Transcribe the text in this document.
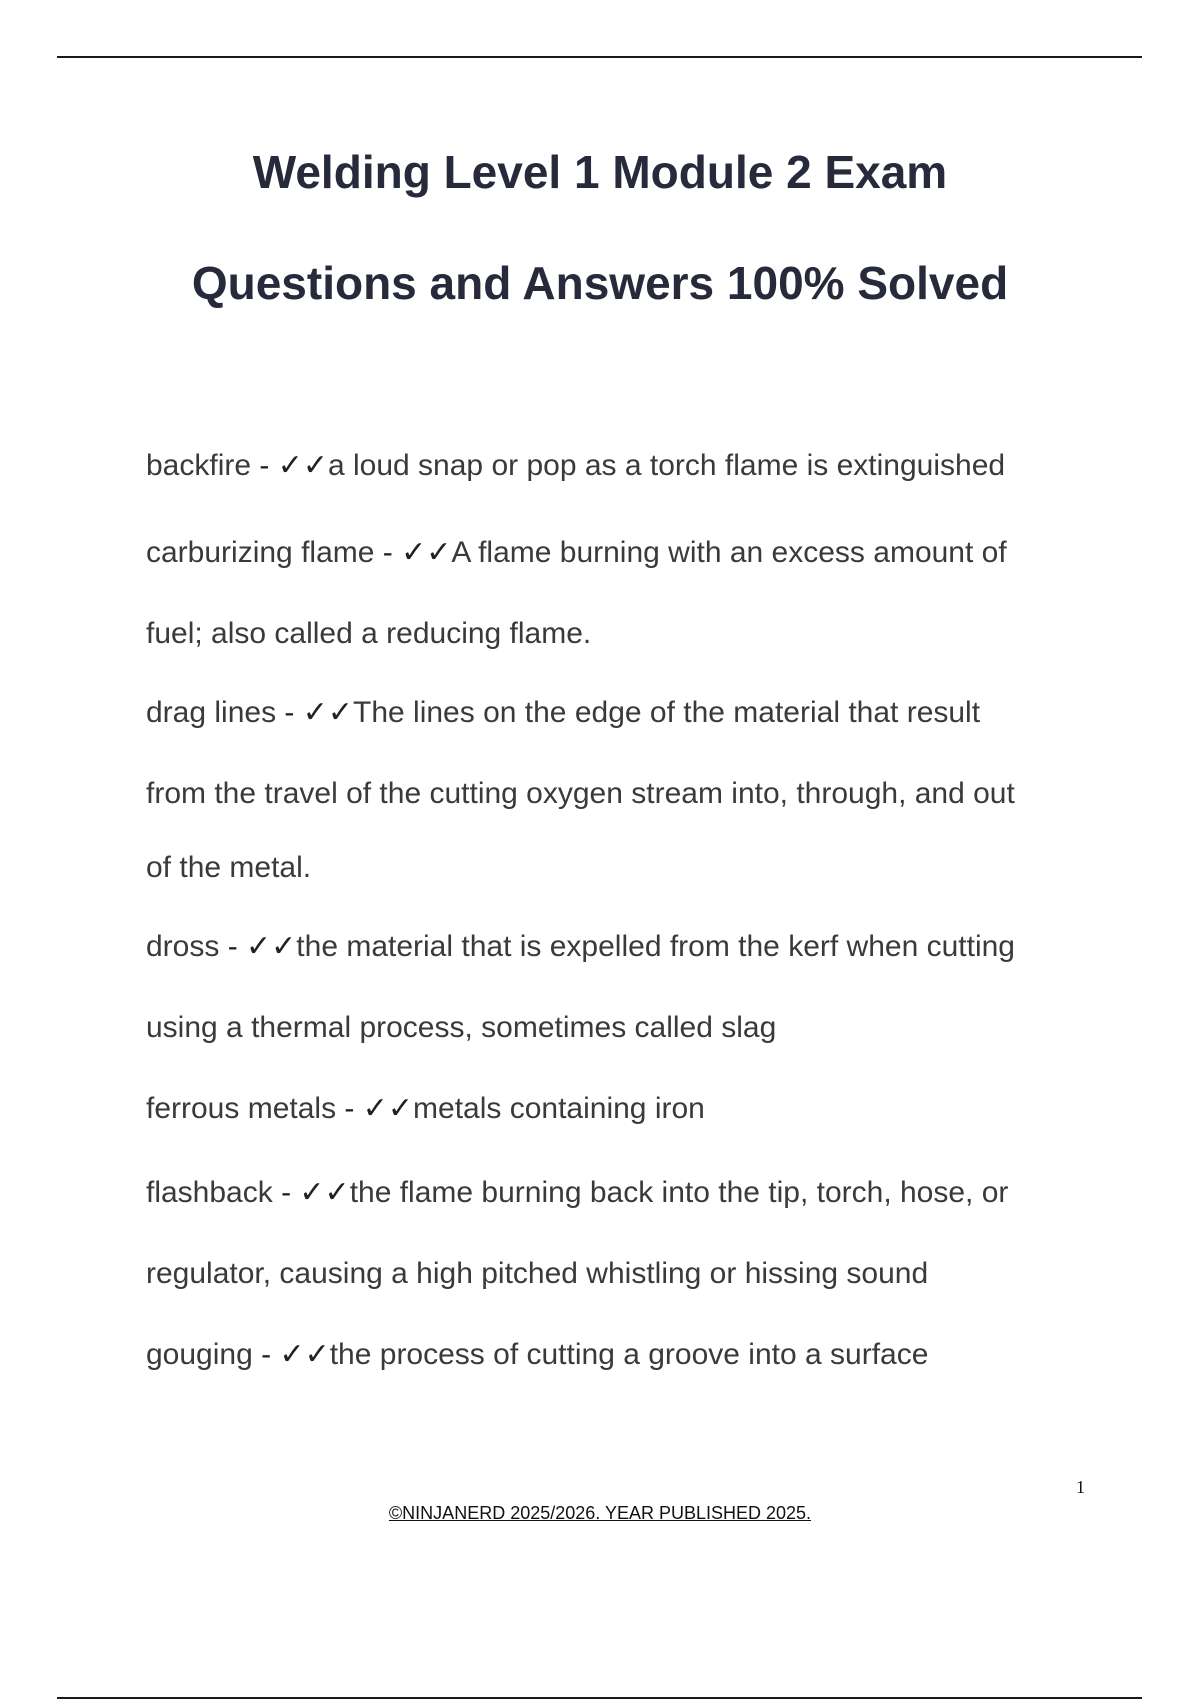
Welding Level 1 Module 2 Exam
Questions and Answers 100% Solved
backfire - ✓✓a loud snap or pop as a torch flame is extinguished
carburizing flame - ✓✓A flame burning with an excess amount of
fuel; also called a reducing flame.
drag lines - ✓✓The lines on the edge of the material that result
from the travel of the cutting oxygen stream into, through, and out
of the metal.
dross - ✓✓the material that is expelled from the kerf when cutting
using a thermal process, sometimes called slag
ferrous metals - ✓✓metals containing iron
flashback - ✓✓the flame burning back into the tip, torch, hose, or
regulator, causing a high pitched whistling or hissing sound
gouging - ✓✓the process of cutting a groove into a surface
1
©NINJANERD 2025/2026. YEAR PUBLISHED 2025.
